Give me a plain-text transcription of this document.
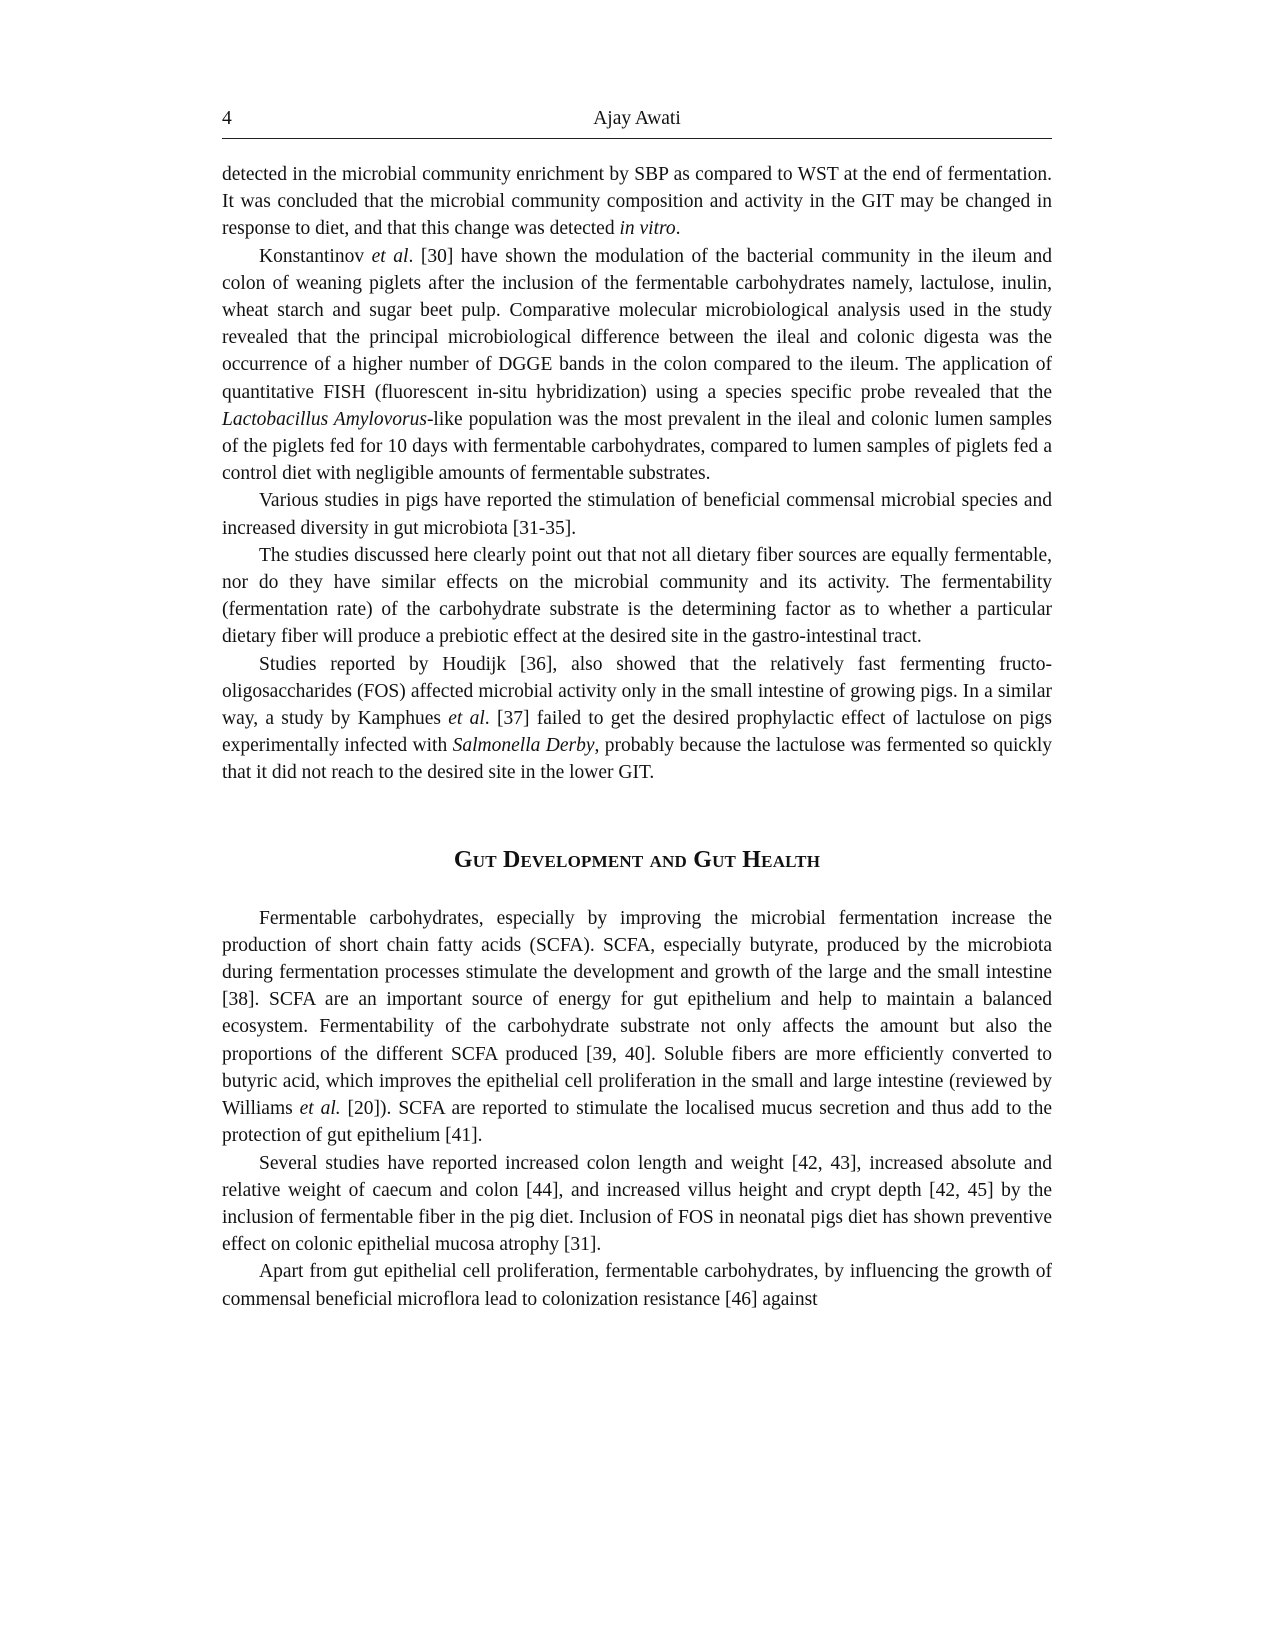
4	Ajay Awati

detected in the microbial community enrichment by SBP as compared to WST at the end of fermentation. It was concluded that the microbial community composition and activity in the GIT may be changed in response to diet, and that this change was detected in vitro.

Konstantinov et al. [30] have shown the modulation of the bacterial community in the ileum and colon of weaning piglets after the inclusion of the fermentable carbohydrates namely, lactulose, inulin, wheat starch and sugar beet pulp. Comparative molecular microbiological analysis used in the study revealed that the principal microbiological difference between the ileal and colonic digesta was the occurrence of a higher number of DGGE bands in the colon compared to the ileum. The application of quantitative FISH (fluorescent in-situ hybridization) using a species specific probe revealed that the Lactobacillus Amylovorus-like population was the most prevalent in the ileal and colonic lumen samples of the piglets fed for 10 days with fermentable carbohydrates, compared to lumen samples of piglets fed a control diet with negligible amounts of fermentable substrates.

Various studies in pigs have reported the stimulation of beneficial commensal microbial species and increased diversity in gut microbiota [31-35].

The studies discussed here clearly point out that not all dietary fiber sources are equally fermentable, nor do they have similar effects on the microbial community and its activity. The fermentability (fermentation rate) of the carbohydrate substrate is the determining factor as to whether a particular dietary fiber will produce a prebiotic effect at the desired site in the gastro-intestinal tract.

Studies reported by Houdijk [36], also showed that the relatively fast fermenting fructo-oligosaccharides (FOS) affected microbial activity only in the small intestine of growing pigs. In a similar way, a study by Kamphues et al. [37] failed to get the desired prophylactic effect of lactulose on pigs experimentally infected with Salmonella Derby, probably because the lactulose was fermented so quickly that it did not reach to the desired site in the lower GIT.

Gut Development and Gut Health

Fermentable carbohydrates, especially by improving the microbial fermentation increase the production of short chain fatty acids (SCFA). SCFA, especially butyrate, produced by the microbiota during fermentation processes stimulate the development and growth of the large and the small intestine [38]. SCFA are an important source of energy for gut epithelium and help to maintain a balanced ecosystem. Fermentability of the carbohydrate substrate not only affects the amount but also the proportions of the different SCFA produced [39, 40]. Soluble fibers are more efficiently converted to butyric acid, which improves the epithelial cell proliferation in the small and large intestine (reviewed by Williams et al. [20]). SCFA are reported to stimulate the localised mucus secretion and thus add to the protection of gut epithelium [41].

Several studies have reported increased colon length and weight [42, 43], increased absolute and relative weight of caecum and colon [44], and increased villus height and crypt depth [42, 45] by the inclusion of fermentable fiber in the pig diet. Inclusion of FOS in neonatal pigs diet has shown preventive effect on colonic epithelial mucosa atrophy [31].

Apart from gut epithelial cell proliferation, fermentable carbohydrates, by influencing the growth of commensal beneficial microflora lead to colonization resistance [46] against
